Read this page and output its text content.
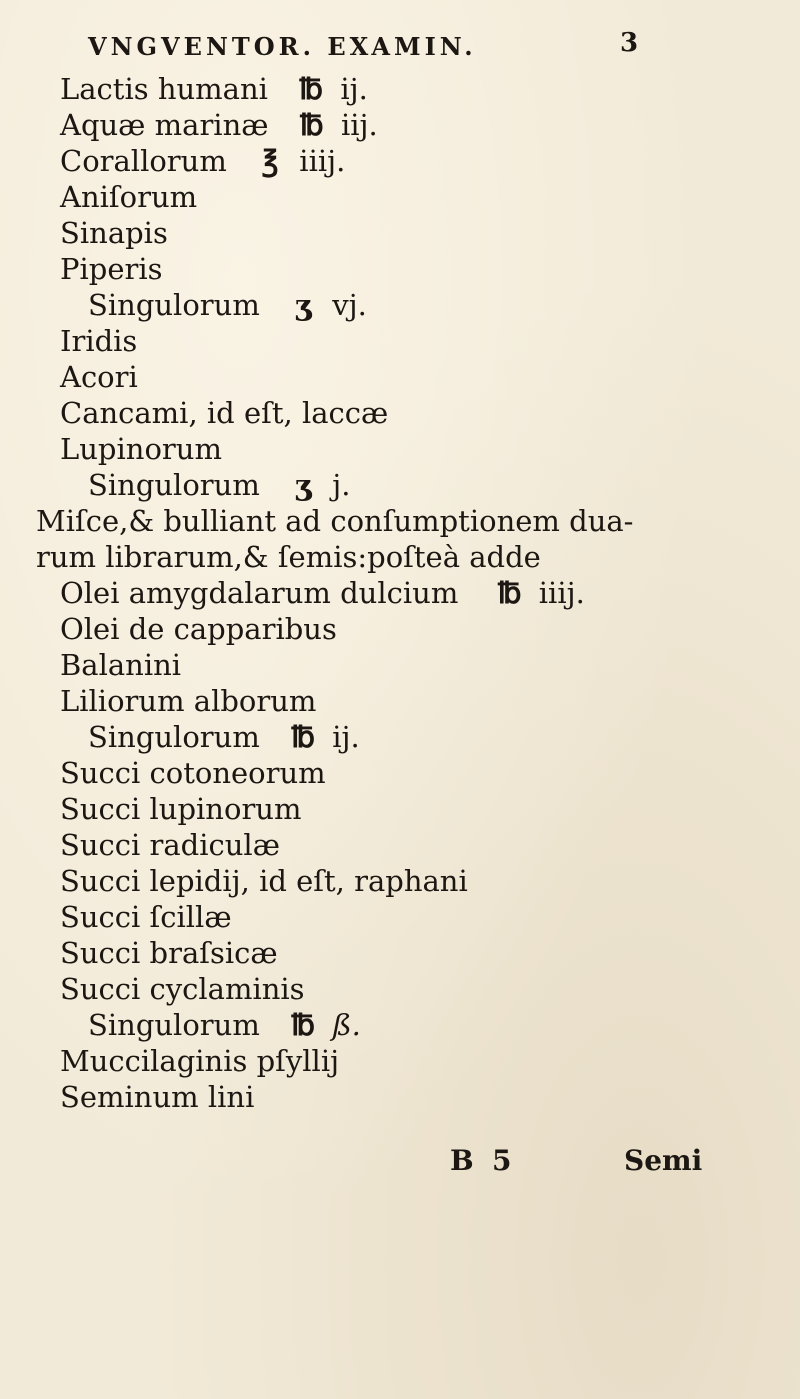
VNGVENTOR. EXAMIN.	3
Lactis humani ℔ ij.
Aquæ marinæ ℔ iij.
Corallorum ℥ iiij.
Aniſorum
Sinapis
Piperis
Singulorum ʒ vj.
Iridis
Acori
Cancami, id eſt, laccæ
Lupinorum
Singulorum ʒ j.
Miſce,& bulliant ad conſumptionem dua-
rum librarum,& ſemis:poſteà adde
Olei amygdalarum dulcium ℔ iiij.
Olei de capparibus
Balanini
Liliorum alborum
Singulorum ℔ ij.
Succi cotoneorum
Succi lupinorum
Succi radiculæ
Succi lepidij, id eſt, raphani
Succi ſcillæ
Succi braſsicæ
Succi cyclaminis
Singulorum ℔ ß.
Muccilaginis pſyllij
Seminum lini
B 5	Semi
